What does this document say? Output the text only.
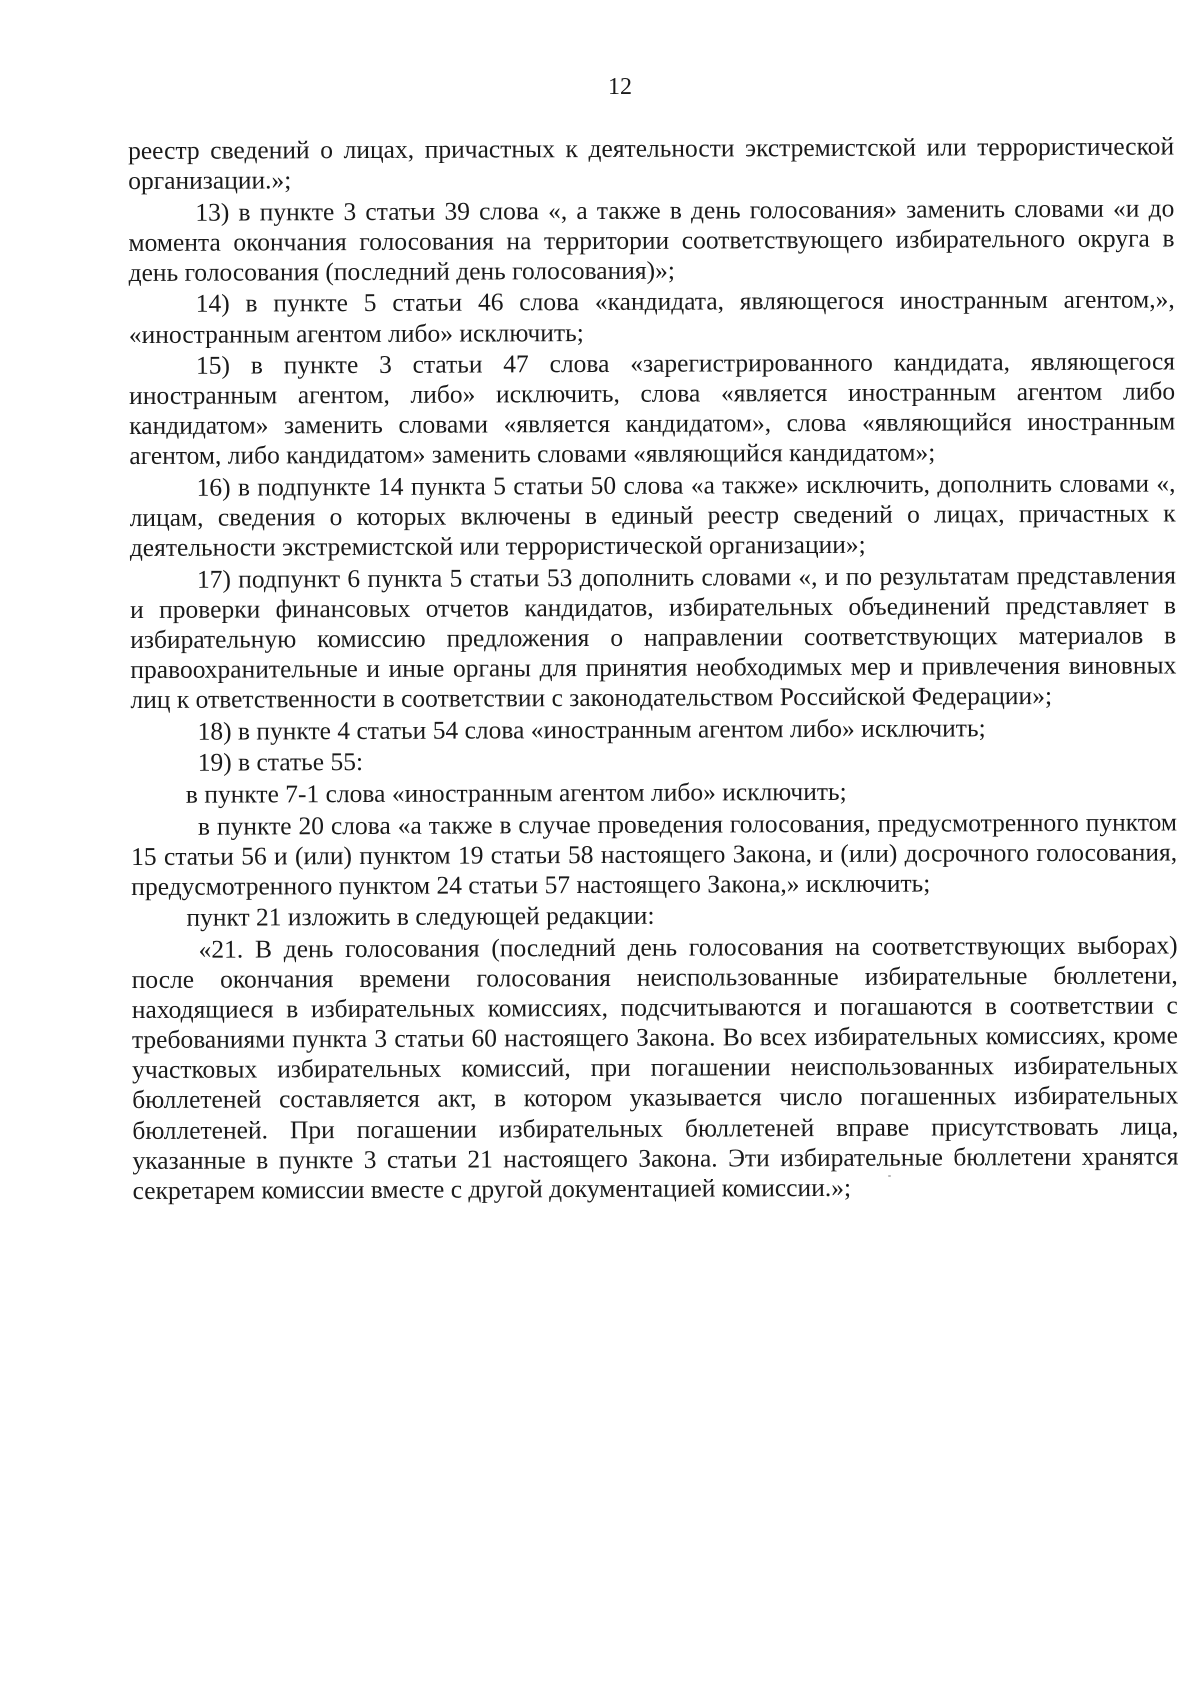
12

реестр сведений о лицах, причастных к деятельности экстремистской или террористической организации.»;

13) в пункте 3 статьи 39 слова «, а также в день голосования» заменить словами «и до момента окончания голосования на территории соответствующего избирательного округа в день голосования (последний день голосования)»;

14) в пункте 5 статьи 46 слова «кандидата, являющегося иностранным агентом,», «иностранным агентом либо» исключить;

15) в пункте 3 статьи 47 слова «зарегистрированного кандидата, являющегося иностранным агентом, либо» исключить, слова «является иностранным агентом либо кандидатом» заменить словами «является кандидатом», слова «являющийся иностранным агентом, либо кандидатом» заменить словами «являющийся кандидатом»;

16) в подпункте 14 пункта 5 статьи 50 слова «а также» исключить, дополнить словами «, лицам, сведения о которых включены в единый реестр сведений о лицах, причастных к деятельности экстремистской или террористической организации»;

17) подпункт 6 пункта 5 статьи 53 дополнить словами «, и по результатам представления и проверки финансовых отчетов кандидатов, избирательных объединений представляет в избирательную комиссию предложения о направлении соответствующих материалов в правоохранительные и иные органы для принятия необходимых мер и привлечения виновных лиц к ответственности в соответствии с законодательством Российской Федерации»;

18) в пункте 4 статьи 54 слова «иностранным агентом либо» исключить;

19) в статье 55:

в пункте 7-1 слова «иностранным агентом либо» исключить;

в пункте 20 слова «а также в случае проведения голосования, предусмотренного пунктом 15 статьи 56 и (или) пунктом 19 статьи 58 настоящего Закона, и (или) досрочного голосования, предусмотренного пунктом 24 статьи 57 настоящего Закона,» исключить;

пункт 21 изложить в следующей редакции:

«21. В день голосования (последний день голосования на соответствующих выборах) после окончания времени голосования неиспользованные избирательные бюллетени, находящиеся в избирательных комиссиях, подсчитываются и погашаются в соответствии с требованиями пункта 3 статьи 60 настоящего Закона. Во всех избирательных комиссиях, кроме участковых избирательных комиссий, при погашении неиспользованных избирательных бюллетеней составляется акт, в котором указывается число погашенных избирательных бюллетеней. При погашении избирательных бюллетеней вправе присутствовать лица, указанные в пункте 3 статьи 21 настоящего Закона. Эти избирательные бюллетени хранятся секретарем комиссии вместе с другой документацией комиссии.»;
